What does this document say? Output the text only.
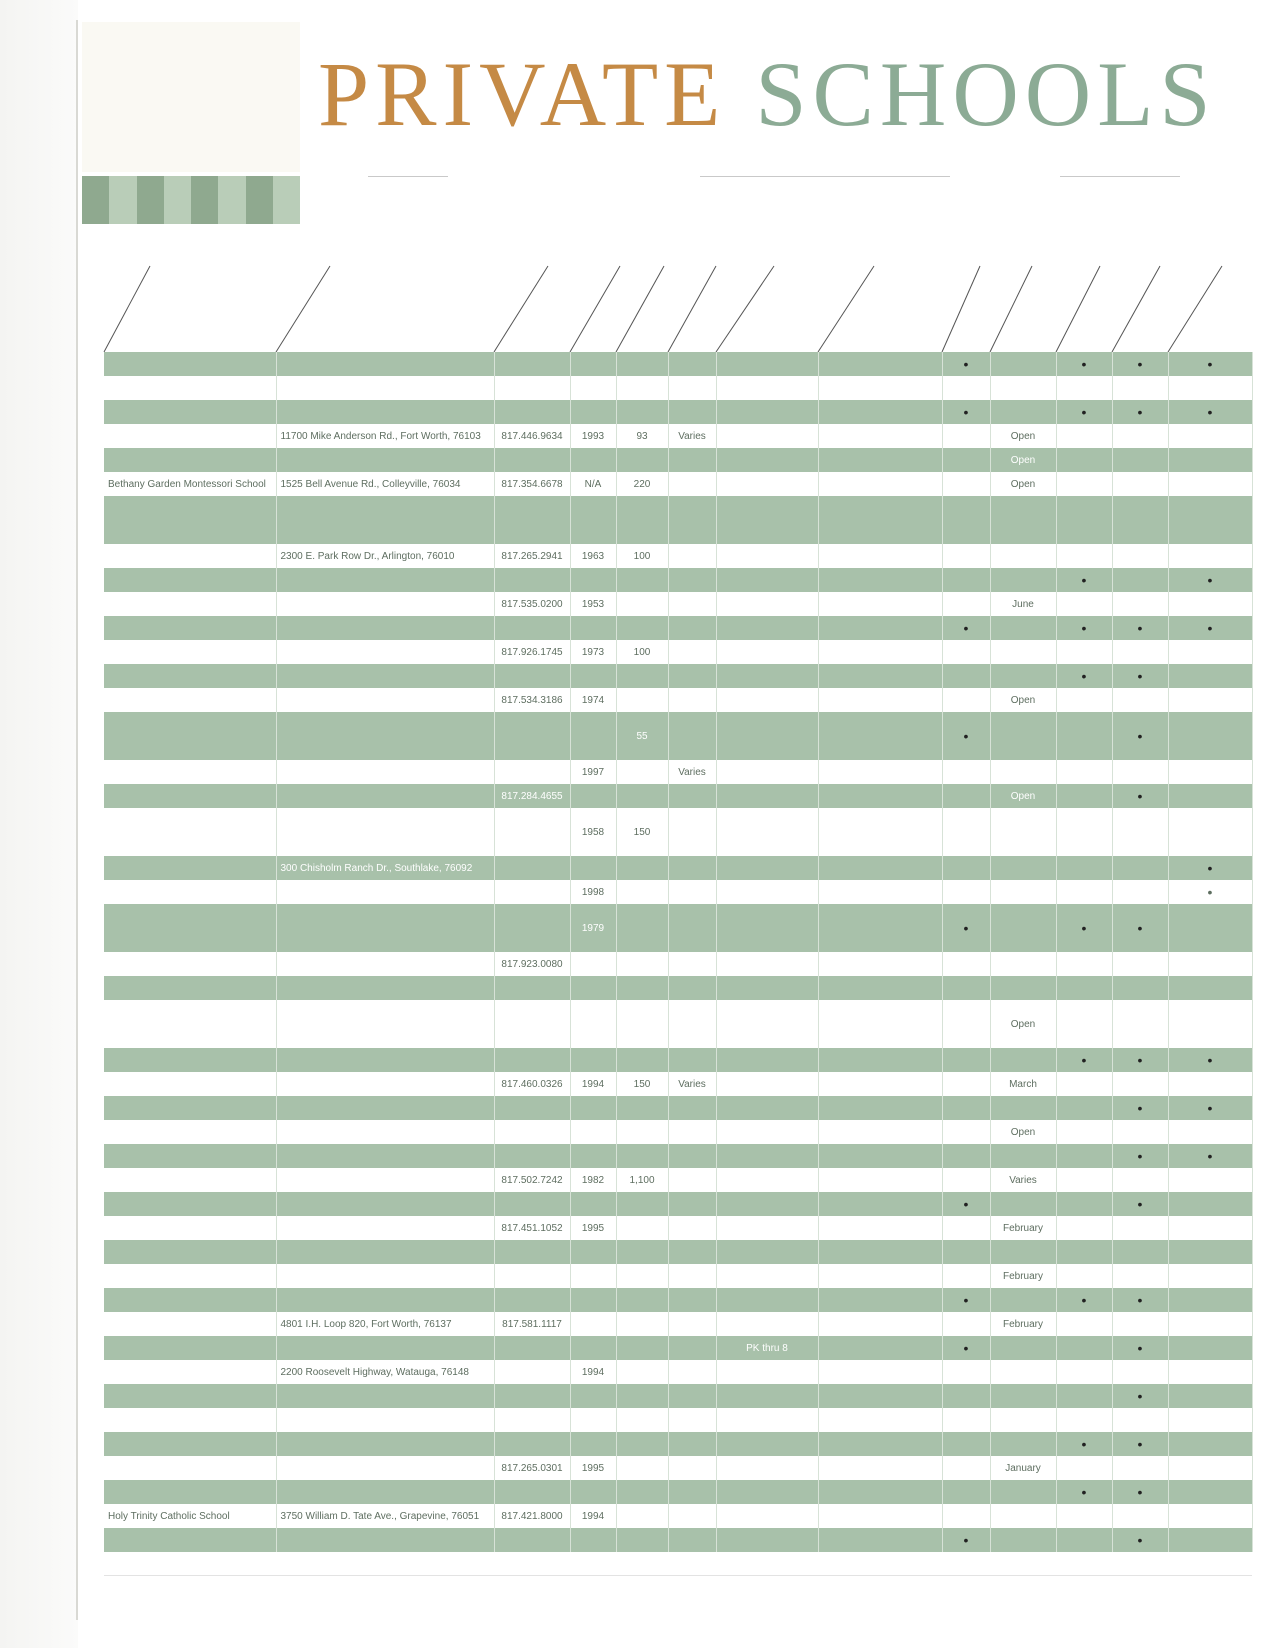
PRIVATE SCHOOLS
								•		•	•	•

								•		•	•	•
	11700 Mike Anderson Rd., Fort Worth, 76103	817.446.9634	1993	93	Varies				Open			
									Open			
Bethany Garden Montessori School	1525 Bell Avenue Rd., Colleyville, 76034	817.354.6678	N/A	220					Open			

	2300 E. Park Row Dr., Arlington, 76010	817.265.2941	1963	100								
										•		•
		817.535.0200	1953						June			
								•		•	•	•
		817.926.1745	1973	100								
										•	•	
		817.534.3186	1974						Open			
				55				•			•	
			1997		Varies							
		817.284.4655							Open		•	
			1958	150								
	300 Chisholm Ranch Dr., Southlake, 76092											•
			1998									•
			1979					•		•	•	
		817.923.0080										

									Open			
										•	•	•
		817.460.0326	1994	150	Varies				March			
											•	•
									Open			
											•	•
		817.502.7242	1982	1,100					Varies			
								•			•	
		817.451.1052	1995						February			

									February			
								•		•	•	
	4801 I.H. Loop 820, Fort Worth, 76137	817.581.1117							February			
						PK thru 8		•			•	
	2200 Roosevelt Highway, Watauga, 76148		1994									
											•	

										•	•	
		817.265.0301	1995						January			
										•	•	
Holy Trinity Catholic School	3750 William D. Tate Ave., Grapevine, 76051	817.421.8000	1994									
								•			•	
